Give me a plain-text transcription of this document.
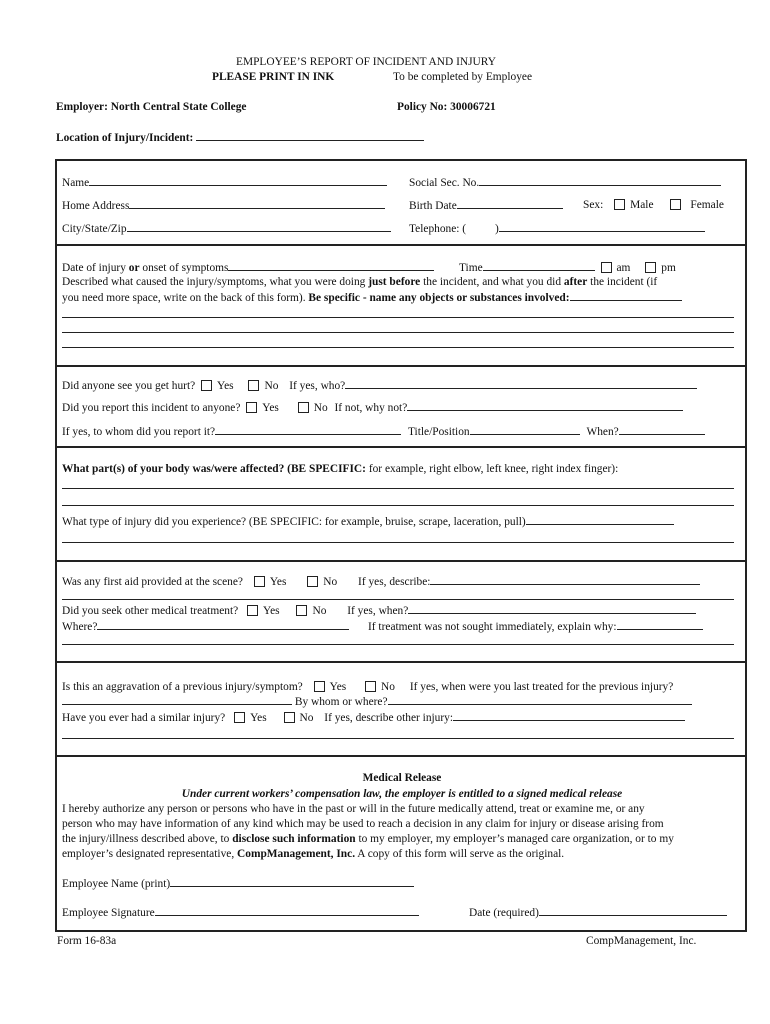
EMPLOYEE’S REPORT OF INCIDENT AND INJURY
PLEASE PRINT IN INK	To be completed by Employee
Employer: North Central State College	Policy No: 30006721
Location of Injury/Incident:
Name	Social Sec. No.
Home Address	Birth Date	Sex: Male	Female
City/State/Zip	Telephone: (	)
Date of injury or onset of symptoms	Time	am	pm
Described what caused the injury/symptoms, what you were doing just before the incident, and what you did after the incident (if
you need more space, write on the back of this form). Be specific - name any objects or substances involved:
Did anyone see you get hurt? Yes	No If yes, who?
Did you report this incident to anyone? Yes	No If not, why not?
If yes, to whom did you report it?	Title/Position	When?
What part(s) of your body was/were affected? (BE SPECIFIC: for example, right elbow, left knee, right index finger):
What type of injury did you experience? (BE SPECIFIC: for example, bruise, scrape, laceration, pull)
Was any first aid provided at the scene? Yes	No If yes, describe:
Did you seek other medical treatment? Yes	No If yes, when?
Where?	If treatment was not sought immediately, explain why:
Is this an aggravation of a previous injury/symptom? Yes	No If yes, when were you last treated for the previous injury?
By whom or where?
Have you ever had a similar injury? Yes	No If yes, describe other injury:
Medical Release
Under current workers’ compensation law, the employer is entitled to a signed medical release
I hereby authorize any person or persons who have in the past or will in the future medically attend, treat or examine me, or any
person who may have information of any kind which may be used to reach a decision in any claim for injury or disease arising from
the injury/illness described above, to disclose such information to my employer, my employer’s managed care organization, or to my
employer’s designated representative, CompManagement, Inc. A copy of this form will serve as the original.
Employee Name (print)
Employee Signature	Date (required)
Form 16-83a	CompManagement, Inc.
